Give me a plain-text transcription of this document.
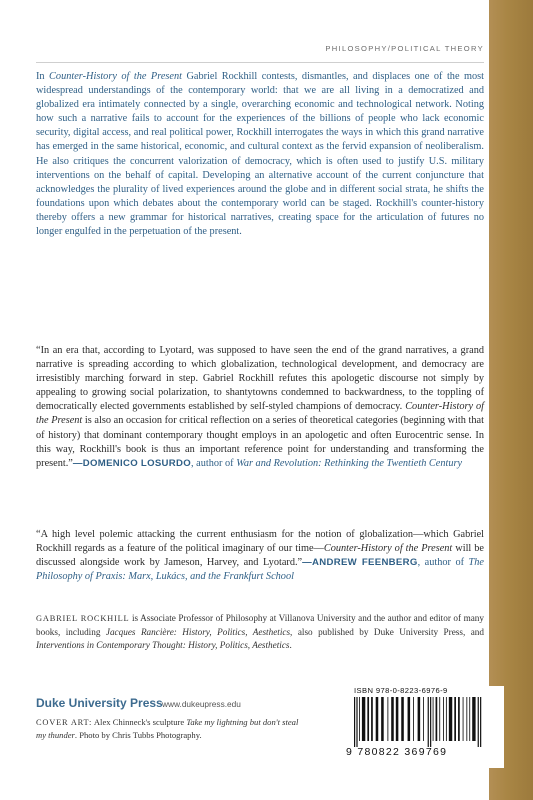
PHILOSOPHY/POLITICAL THEORY

In Counter-History of the Present Gabriel Rockhill contests, dismantles, and displaces one of the most widespread understandings of the contemporary world: that we are all living in a democratized and globalized era intimately connected by a single, overarching economic and technological network. Noting how such a narrative fails to account for the experiences of the billions of people who lack economic security, digital access, and real political power, Rockhill interrogates the ways in which this grand narrative has emerged in the same historical, economic, and cultural context as the fervid expansion of neoliberalism. He also critiques the concurrent valorization of democracy, which is often used to justify U.S. military interventions on the behalf of capital. Developing an alternative account of the current conjuncture that acknowledges the plurality of lived experiences around the globe and in different social strata, he shifts the foundations upon which debates about the contemporary world can be staged. Rockhill's counter-history thereby offers a new grammar for historical narratives, creating space for the articulation of futures no longer engulfed in the perpetuation of the present.

“In an era that, according to Lyotard, was supposed to have seen the end of the grand narratives, a grand narrative is spreading according to which globalization, technological development, and democracy are irresistibly marching forward in step. Gabriel Rockhill refutes this apologetic discourse not simply by appealing to growing social polarization, to shantytowns condemned to backwardness, to the toppling of democratically elected governments established by self-styled champions of democracy. Counter-History of the Present is also an occasion for critical reflection on a series of theoretical categories (beginning with that of history) that dominant contemporary thought employs in an apologetic and often Eurocentric sense. In this way, Rockhill's book is thus an important reference point for understanding and transforming the present.”—DOMENICO LOSURDO, author of War and Revolution: Rethinking the Twentieth Century

“A high level polemic attacking the current enthusiasm for the notion of globalization—which Gabriel Rockhill regards as a feature of the political imaginary of our time—Counter-History of the Present will be discussed alongside work by Jameson, Harvey, and Lyotard.”—ANDREW FEENBERG, author of The Philosophy of Praxis: Marx, Lukács, and the Frankfurt School

GABRIEL ROCKHILL is Associate Professor of Philosophy at Villanova University and the author and editor of many books, including Jacques Rancière: History, Politics, Aesthetics, also published by Duke University Press, and Interventions in Contemporary Thought: History, Politics, Aesthetics.

Duke University Press www.dukeupress.edu

COVER ART: Alex Chinneck's sculpture Take my lightning but don't steal my thunder. Photo by Chris Tubbs Photography.

ISBN 978-0-8223-6976-9
9 780822 369769
